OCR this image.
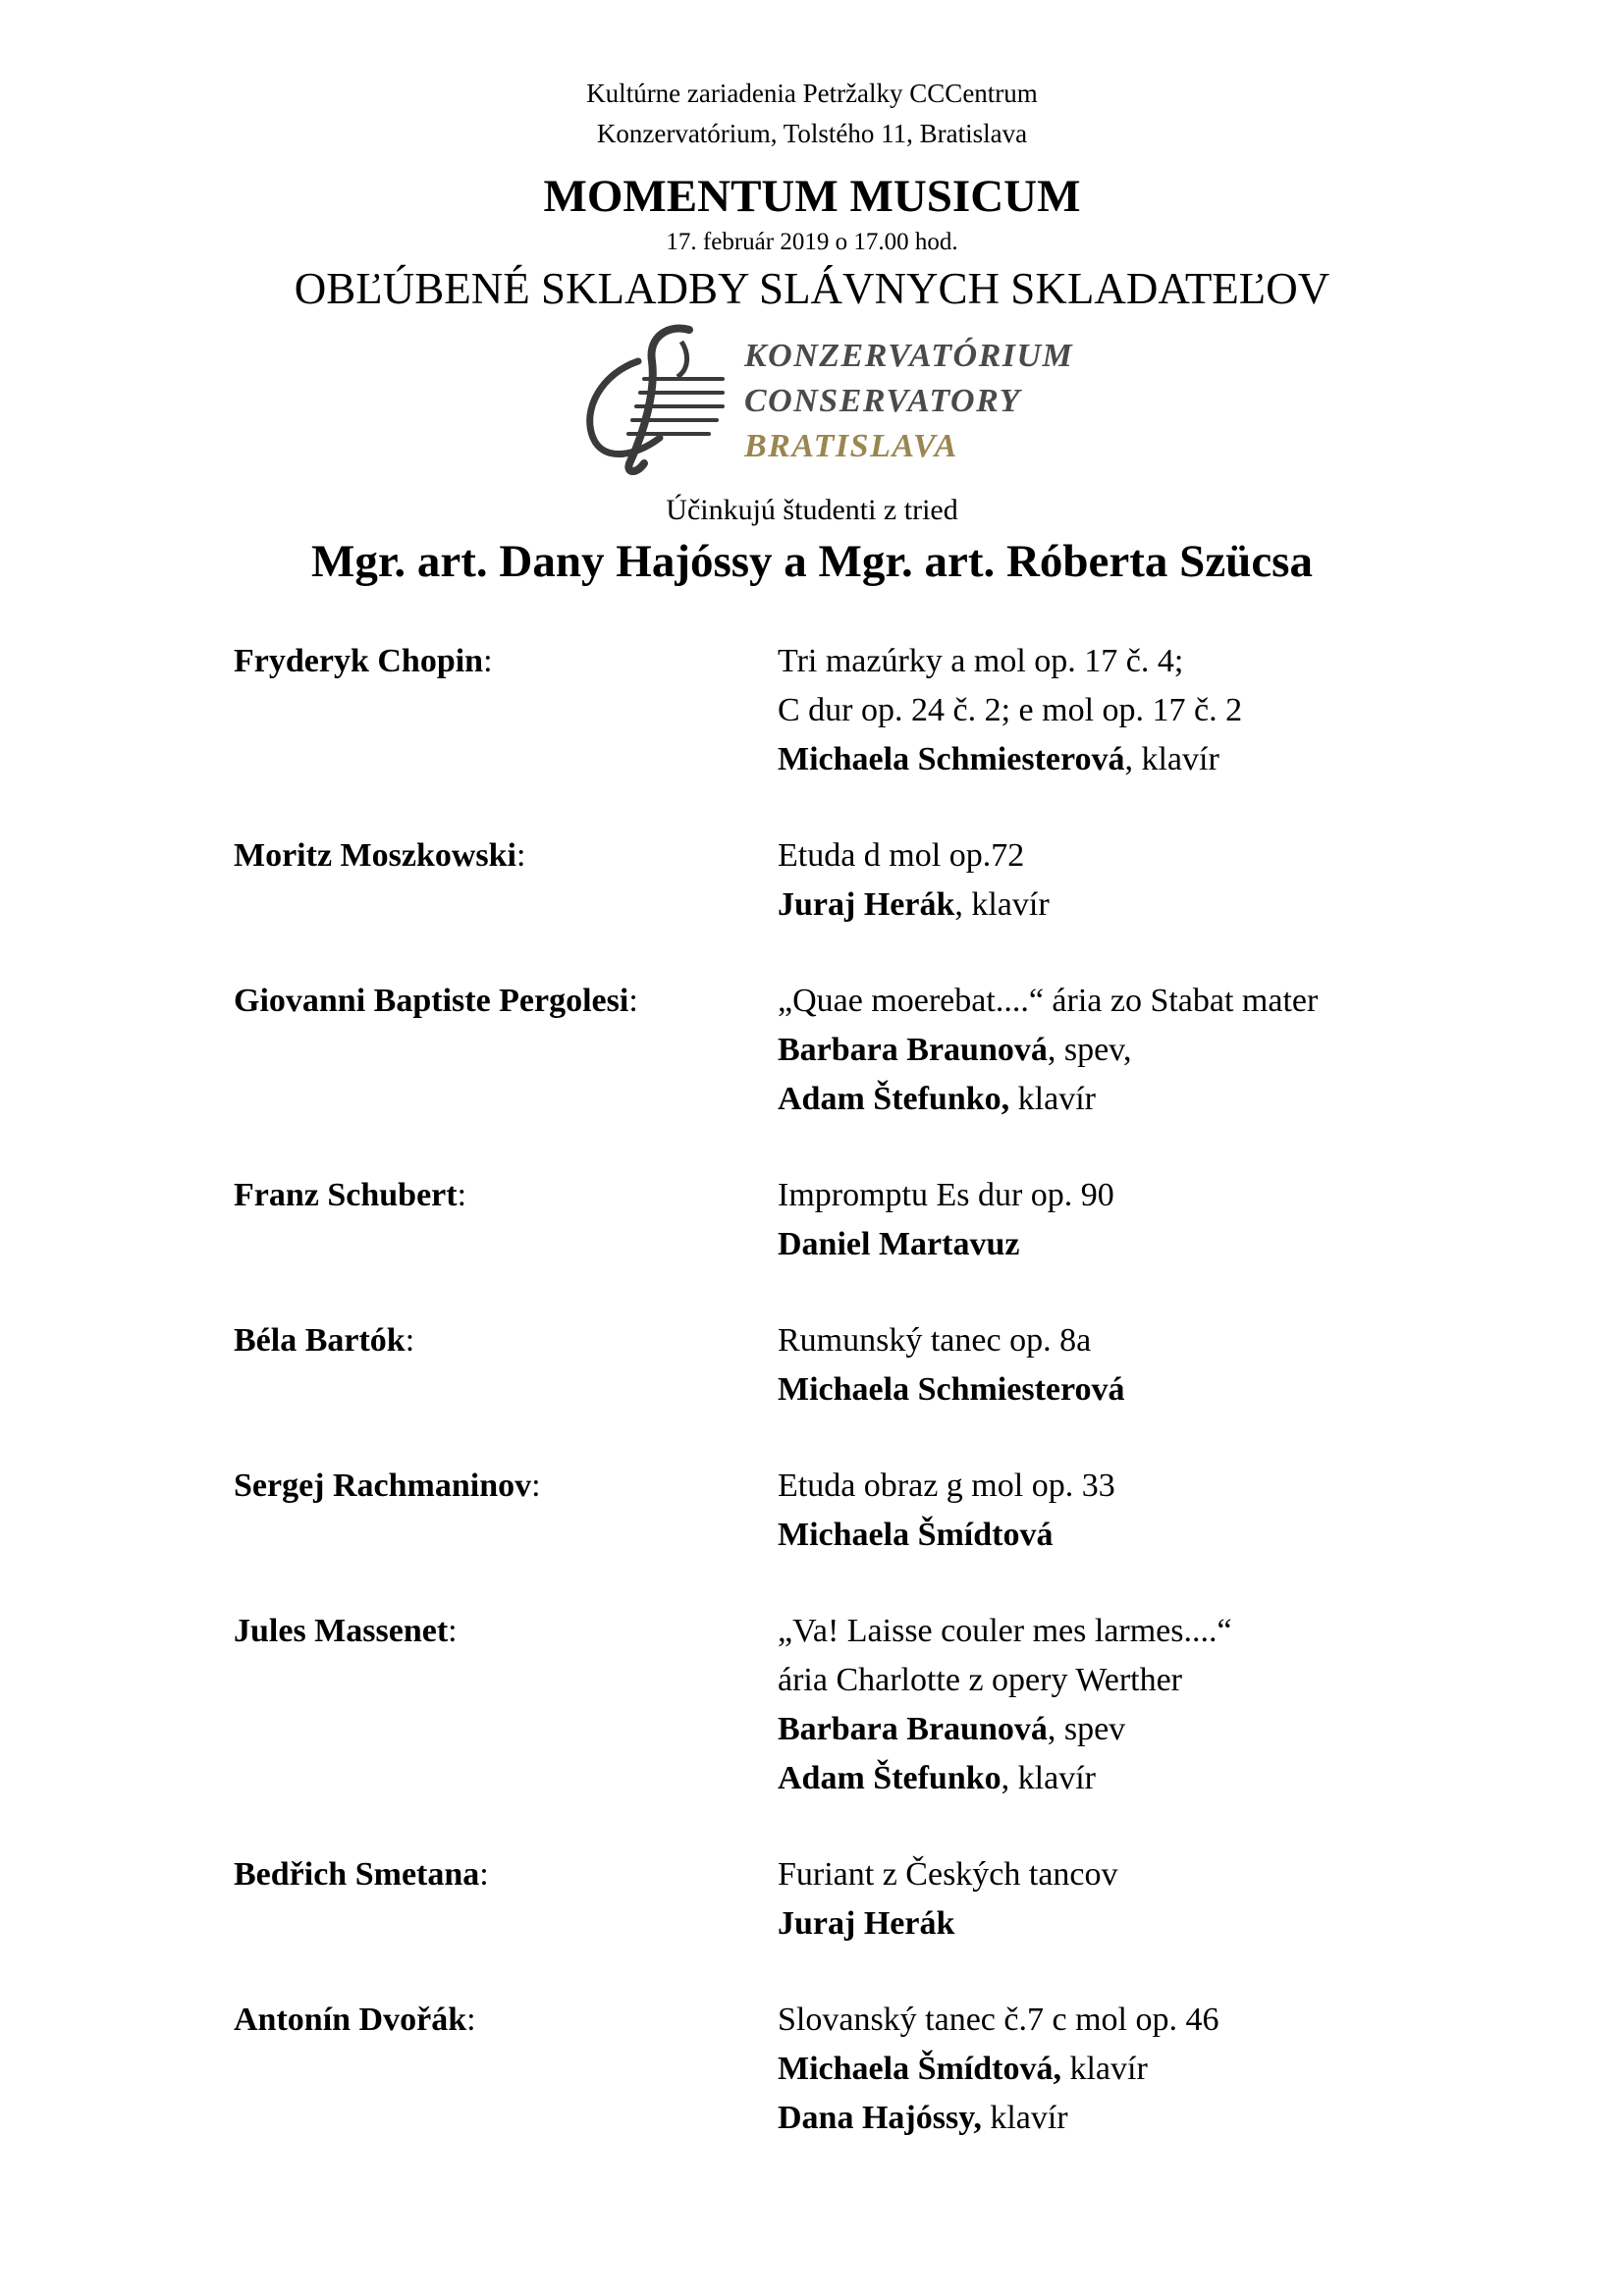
Kultúrne zariadenia Petržalky CCCentrum
Konzervatórium, Tolstého 11, Bratislava
MOMENTUM MUSICUM
17. február 2019 o 17.00 hod.
OBĽÚBENÉ SKLADBY SLÁVNYCH SKLADATEĽOV
KONZERVATÓRIUM
CONSERVATORY
BRATISLAVA
Účinkujú študenti z tried
Mgr. art. Dany Hajóssy a Mgr. art. Róberta Szücsa
Fryderyk Chopin:	Tri mazúrky a mol op. 17 č. 4;
C dur op. 24 č. 2; e mol op. 17 č. 2
Michaela Schmiesterová, klavír
Moritz Moszkowski:	Etuda d mol op.72
Juraj Herák, klavír
Giovanni Baptiste Pergolesi:	„Quae moerebat....“ ária zo Stabat mater
Barbara Braunová, spev,
Adam Štefunko, klavír
Franz Schubert:	Impromptu Es dur op. 90
Daniel Martavuz
Béla Bartók:	Rumunský tanec op. 8a
Michaela Schmiesterová
Sergej Rachmaninov:	Etuda obraz g mol op. 33
Michaela Šmídtová
Jules Massenet:	„Va! Laisse couler mes larmes....“
ária Charlotte z opery Werther
Barbara Braunová, spev
Adam Štefunko, klavír
Bedřich Smetana:	Furiant z Českých tancov
Juraj Herák
Antonín Dvořák:	Slovanský tanec č.7 c mol op. 46
Michaela Šmídtová, klavír
Dana Hajóssy, klavír
